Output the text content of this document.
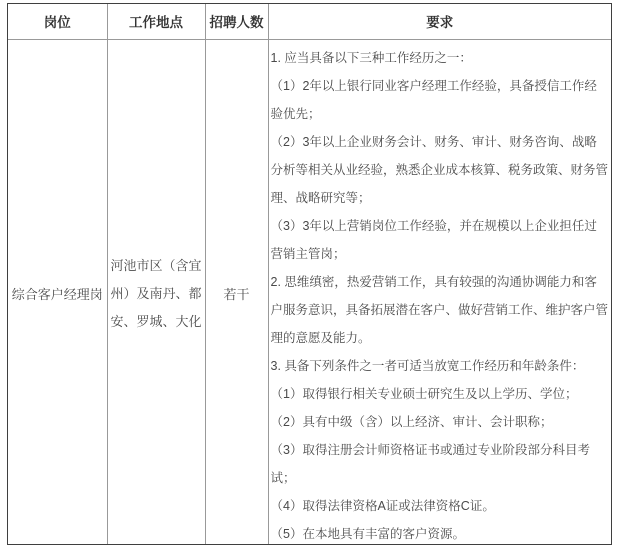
岗位	工作地点	招聘人数	要求
综合客户经理岗	河池市区（含宜州）及南丹、都安、罗城、大化	若干	

1. 应当具备以下三种工作经历之一：

（1）2年以上银行同业客户经理工作经验，具备授信工作经验优先；

（2）3年以上企业财务会计、财务、审计、财务咨询、战略分析等相关从业经验，熟悉企业成本核算、税务政策、财务管理、战略研究等；

（3）3年以上营销岗位工作经验，并在规模以上企业担任过营销主管岗；

2. 思维缜密，热爱营销工作，具有较强的沟通协调能力和客户服务意识，具备拓展潜在客户、做好营销工作、维护客户管理的意愿及能力。

3. 具备下列条件之一者可适当放宽工作经历和年龄条件：

（1）取得银行相关专业硕士研究生及以上学历、学位；

（2）具有中级（含）以上经济、审计、会计职称；

（3）取得注册会计师资格证书或通过专业阶段部分科目考试；

（4）取得法律资格A证或法律资格C证。

（5）在本地具有丰富的客户资源。
